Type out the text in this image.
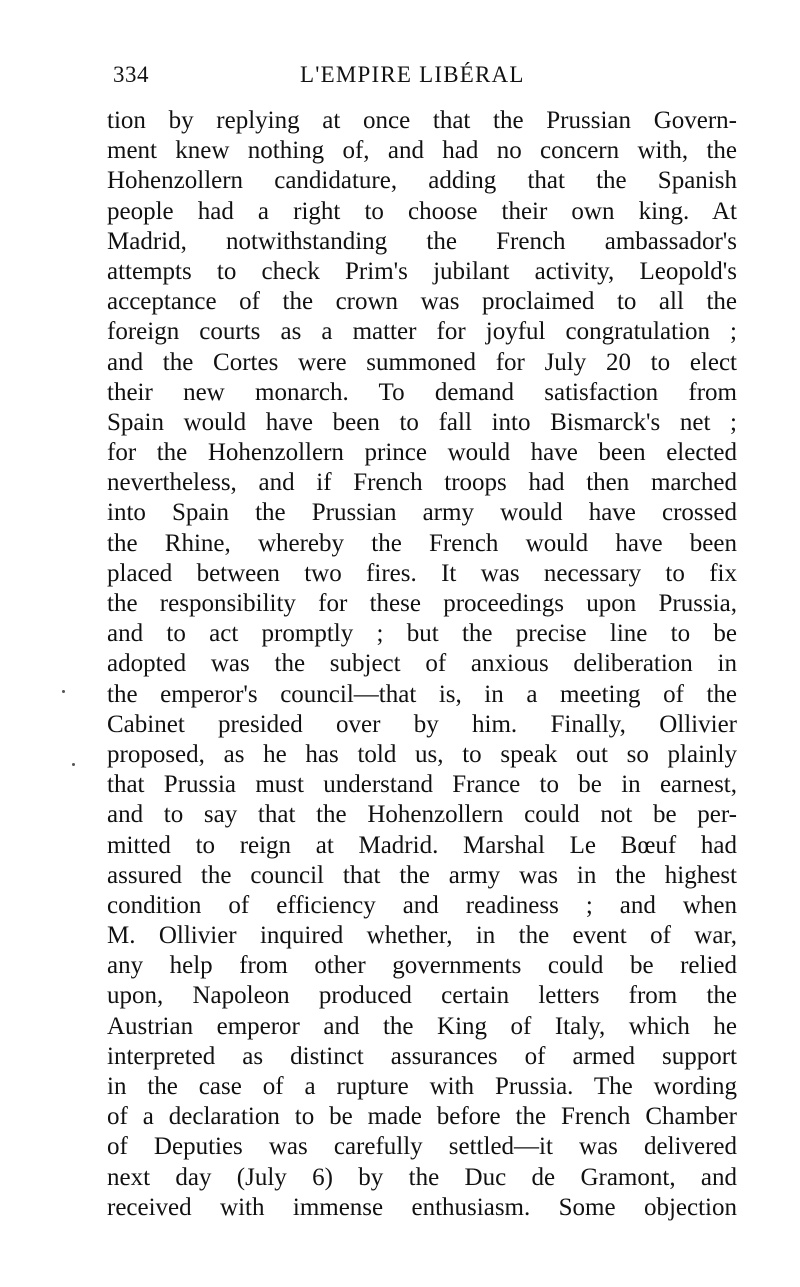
334	L'EMPIRE LIBÉRAL
tion by replying at once that the Prussian Govern-
ment knew nothing of, and had no concern with, the
Hohenzollern candidature, adding that the Spanish
people had a right to choose their own king. At
Madrid, notwithstanding the French ambassador's
attempts to check Prim's jubilant activity, Leopold's
acceptance of the crown was proclaimed to all the
foreign courts as a matter for joyful congratulation ;
and the Cortes were summoned for July 20 to elect
their new monarch. To demand satisfaction from
Spain would have been to fall into Bismarck's net ;
for the Hohenzollern prince would have been elected
nevertheless, and if French troops had then marched
into Spain the Prussian army would have crossed
the Rhine, whereby the French would have been
placed between two fires. It was necessary to fix
the responsibility for these proceedings upon Prussia,
and to act promptly ; but the precise line to be
adopted was the subject of anxious deliberation in
the emperor's council—that is, in a meeting of the
Cabinet presided over by him. Finally, Ollivier
proposed, as he has told us, to speak out so plainly
that Prussia must understand France to be in earnest,
and to say that the Hohenzollern could not be per-
mitted to reign at Madrid. Marshal Le Bœuf had
assured the council that the army was in the highest
condition of efficiency and readiness ; and when
M. Ollivier inquired whether, in the event of war,
any help from other governments could be relied
upon, Napoleon produced certain letters from the
Austrian emperor and the King of Italy, which he
interpreted as distinct assurances of armed support
in the case of a rupture with Prussia. The wording
of a declaration to be made before the French Chamber
of Deputies was carefully settled—it was delivered
next day (July 6) by the Duc de Gramont, and
received with immense enthusiasm. Some objection
